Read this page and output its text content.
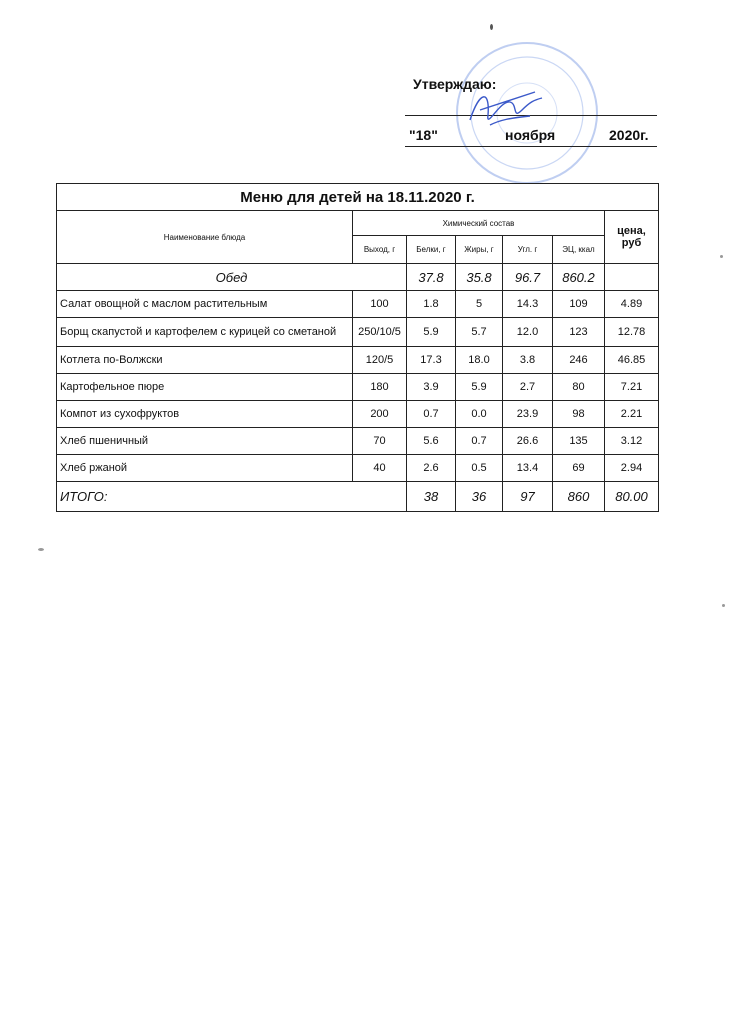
Утверждаю:
"18"	ноября	2020г.
Меню для детей на 18.11.2020 г.						
Наименование блюда	Химический состав					цена, руб
	Выход, г	Белки, г	Жиры, г	Угл. г	ЭЦ, ккал	
Обед		37.8	35.8	96.7	860.2	
Салат овощной с маслом растительным	100	1.8	5	14.3	109	4.89
Борщ скапустой и картофелем с курицей со сметаной	250/10/5	5.9	5.7	12.0	123	12.78
Котлета по-Волжски	120/5	17.3	18.0	3.8	246	46.85
Картофельное пюре	180	3.9	5.9	2.7	80	7.21
Компот из сухофруктов	200	0.7	0.0	23.9	98	2.21
Хлеб пшеничный	70	5.6	0.7	26.6	135	3.12
Хлеб ржаной	40	2.6	0.5	13.4	69	2.94
ИТОГО:		38	36	97	860	80.00
